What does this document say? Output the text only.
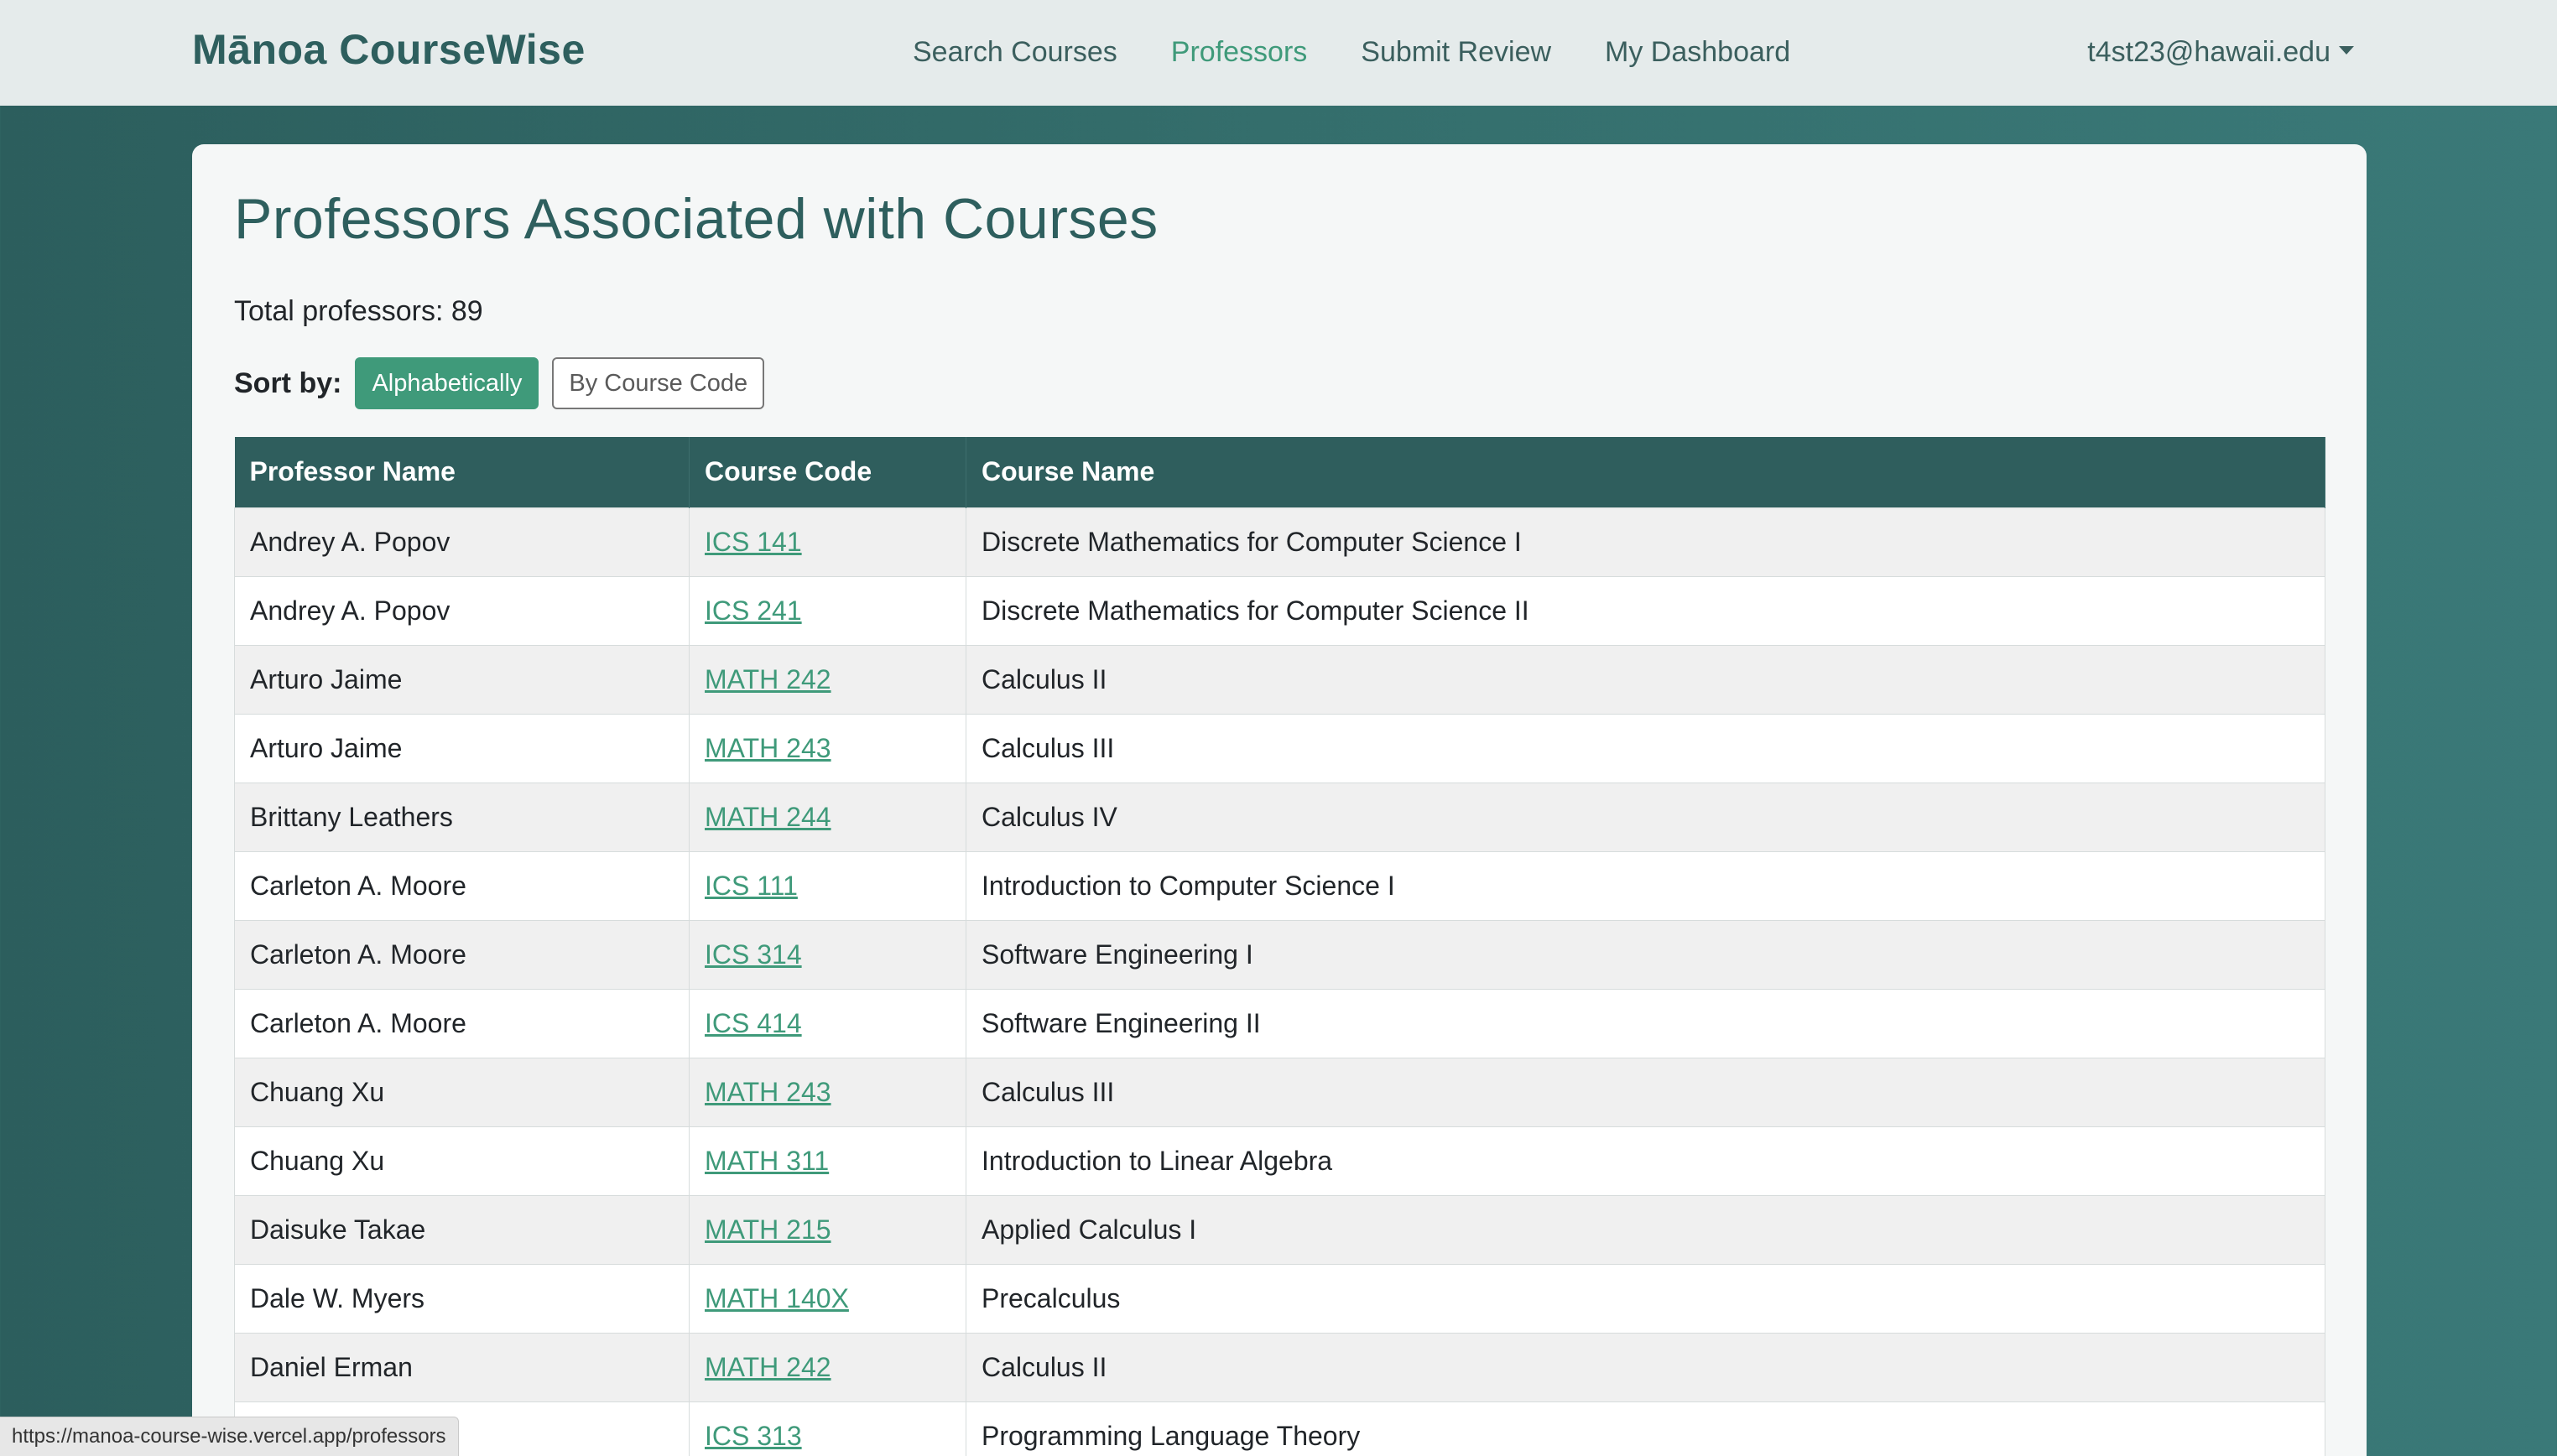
Mānoa CourseWise	Search Courses Professors Submit Review My Dashboard	t4st23@hawaii.edu
Professors Associated with Courses
Total professors: 89
Sort by:	Alphabetically	By Course Code
Professor Name	Course Code	Course Name
Andrey A. Popov	ICS 141	Discrete Mathematics for Computer Science I
Andrey A. Popov	ICS 241	Discrete Mathematics for Computer Science II
Arturo Jaime	MATH 242	Calculus II
Arturo Jaime	MATH 243	Calculus III
Brittany Leathers	MATH 244	Calculus IV
Carleton A. Moore	ICS 111	Introduction to Computer Science I
Carleton A. Moore	ICS 314	Software Engineering I
Carleton A. Moore	ICS 414	Software Engineering II
Chuang Xu	MATH 243	Calculus III
Chuang Xu	MATH 311	Introduction to Linear Algebra
Daisuke Takae	MATH 215	Applied Calculus I
Dale W. Myers	MATH 140X	Precalculus
Daniel Erman	MATH 242	Calculus II
	ICS 313	Programming Language Theory
https://manoa-course-wise.vercel.app/professors
